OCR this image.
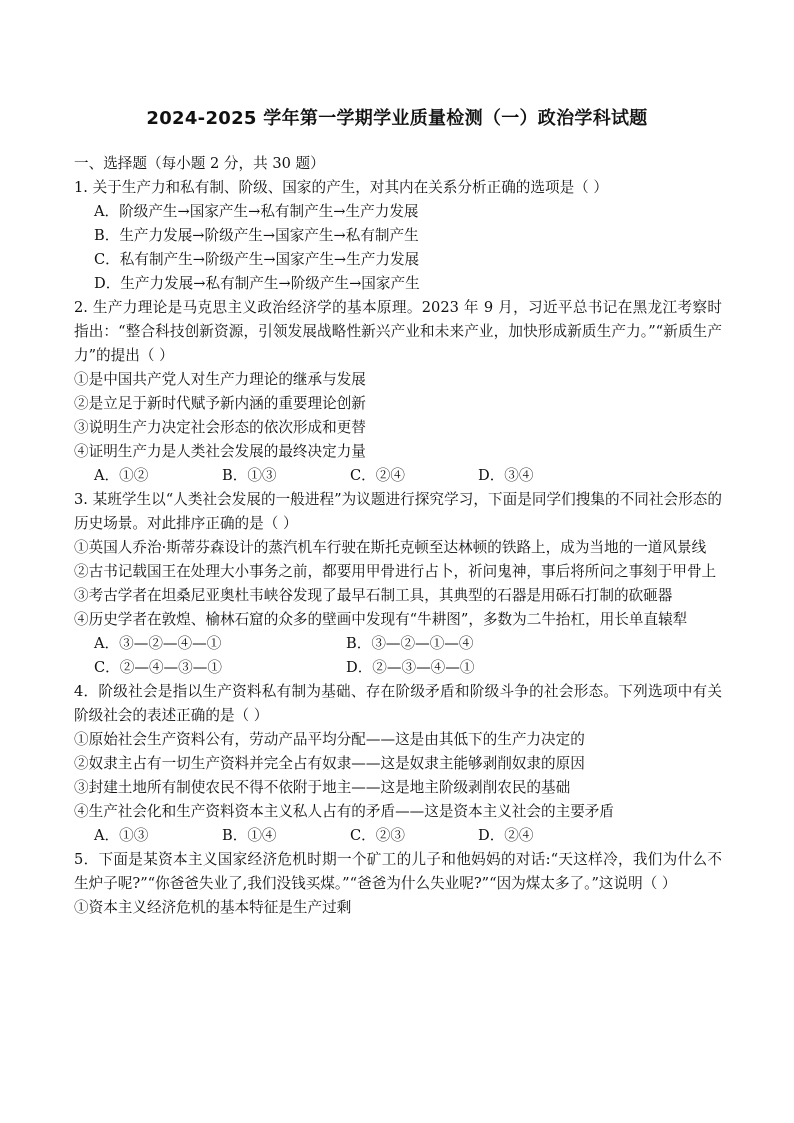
2024-2025 学年第一学期学业质量检测（一）政治学科试题
一、选择题（每小题 2 分，共 30 题）
1. 关于生产力和私有制、阶级、国家的产生，对其内在关系分析正确的选项是（ ）
A．阶级产生→国家产生→私有制产生→生产力发展
B．生产力发展→阶级产生→国家产生→私有制产生
C．私有制产生→阶级产生→国家产生→生产力发展
D．生产力发展→私有制产生→阶级产生→国家产生
2. 生产力理论是马克思主义政治经济学的基本原理。2023 年 9 月，习近平总书记在黑龙江考察时指出：“整合科技创新资源，引领发展战略性新兴产业和未来产业，加快形成新质生产力。”“新质生产力”的提出（ ）
①是中国共产党人对生产力理论的继承与发展
②是立足于新时代赋予新内涵的重要理论创新
③说明生产力决定社会形态的依次形成和更替
④证明生产力是人类社会发展的最终决定力量
A．①②	B．①③	C．②④	D．③④
3. 某班学生以“人类社会发展的一般进程”为议题进行探究学习，下面是同学们搜集的不同社会形态的历史场景。对此排序正确的是（ ）
①英国人乔治·斯蒂芬森设计的蒸汽机车行驶在斯托克顿至达林顿的铁路上，成为当地的一道风景线
②古书记载国王在处理大小事务之前，都要用甲骨进行占卜，祈问鬼神，事后将所问之事刻于甲骨上
③考古学者在坦桑尼亚奥杜韦峡谷发现了最早石制工具，其典型的石器是用砾石打制的砍砸器
④历史学者在敦煌、榆林石窟的众多的壁画中发现有“牛耕图”，多数为二牛抬杠，用长单直辕犁
A．③—②—④—①	B．③—②—①—④
C．②—④—③—①	D．②—③—④—①
4．阶级社会是指以生产资料私有制为基础、存在阶级矛盾和阶级斗争的社会形态。下列选项中有关阶级社会的表述正确的是（ ）
①原始社会生产资料公有，劳动产品平均分配——这是由其低下的生产力决定的
②奴隶主占有一切生产资料并完全占有奴隶——这是奴隶主能够剥削奴隶的原因
③封建土地所有制使农民不得不依附于地主——这是地主阶级剥削农民的基础
④生产社会化和生产资料资本主义私人占有的矛盾——这是资本主义社会的主要矛盾
A．①③	B．①④	C．②③	D．②④
5．下面是某资本主义国家经济危机时期一个矿工的儿子和他妈妈的对话:“天这样冷，我们为什么不生炉子呢?”“你爸爸失业了,我们没钱买煤。”“爸爸为什么失业呢?”“因为煤太多了。”这说明（ ）
①资本主义经济危机的基本特征是生产过剩
